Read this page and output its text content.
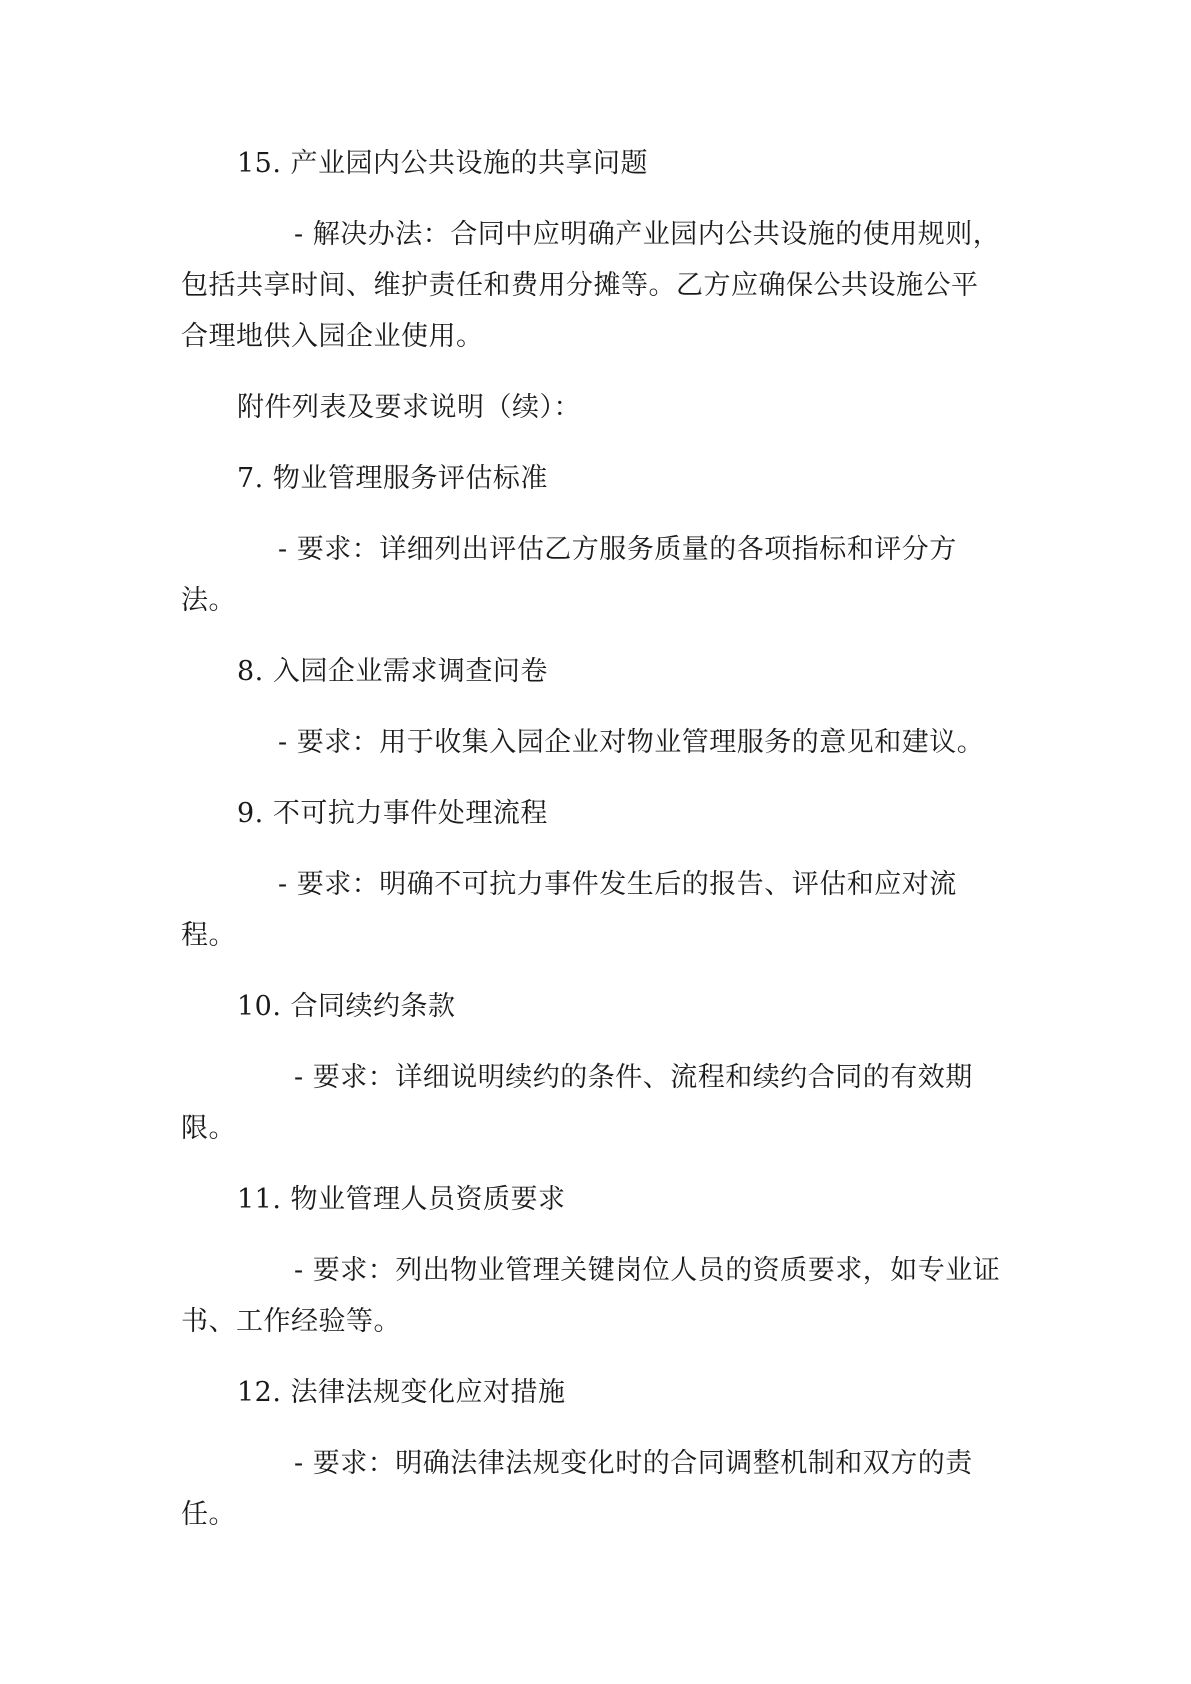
15. 产业园内公共设施的共享问题

- 解决办法：合同中应明确产业园内公共设施的使用规则，包括共享时间、维护责任和费用分摊等。乙方应确保公共设施公平合理地供入园企业使用。

附件列表及要求说明（续）：

7. 物业管理服务评估标准

- 要求：详细列出评估乙方服务质量的各项指标和评分方法。

8. 入园企业需求调查问卷

- 要求：用于收集入园企业对物业管理服务的意见和建议。

9. 不可抗力事件处理流程

- 要求：明确不可抗力事件发生后的报告、评估和应对流程。

10. 合同续约条款

- 要求：详细说明续约的条件、流程和续约合同的有效期限。

11. 物业管理人员资质要求

- 要求：列出物业管理关键岗位人员的资质要求，如专业证书、工作经验等。

12. 法律法规变化应对措施

- 要求：明确法律法规变化时的合同调整机制和双方的责任。
